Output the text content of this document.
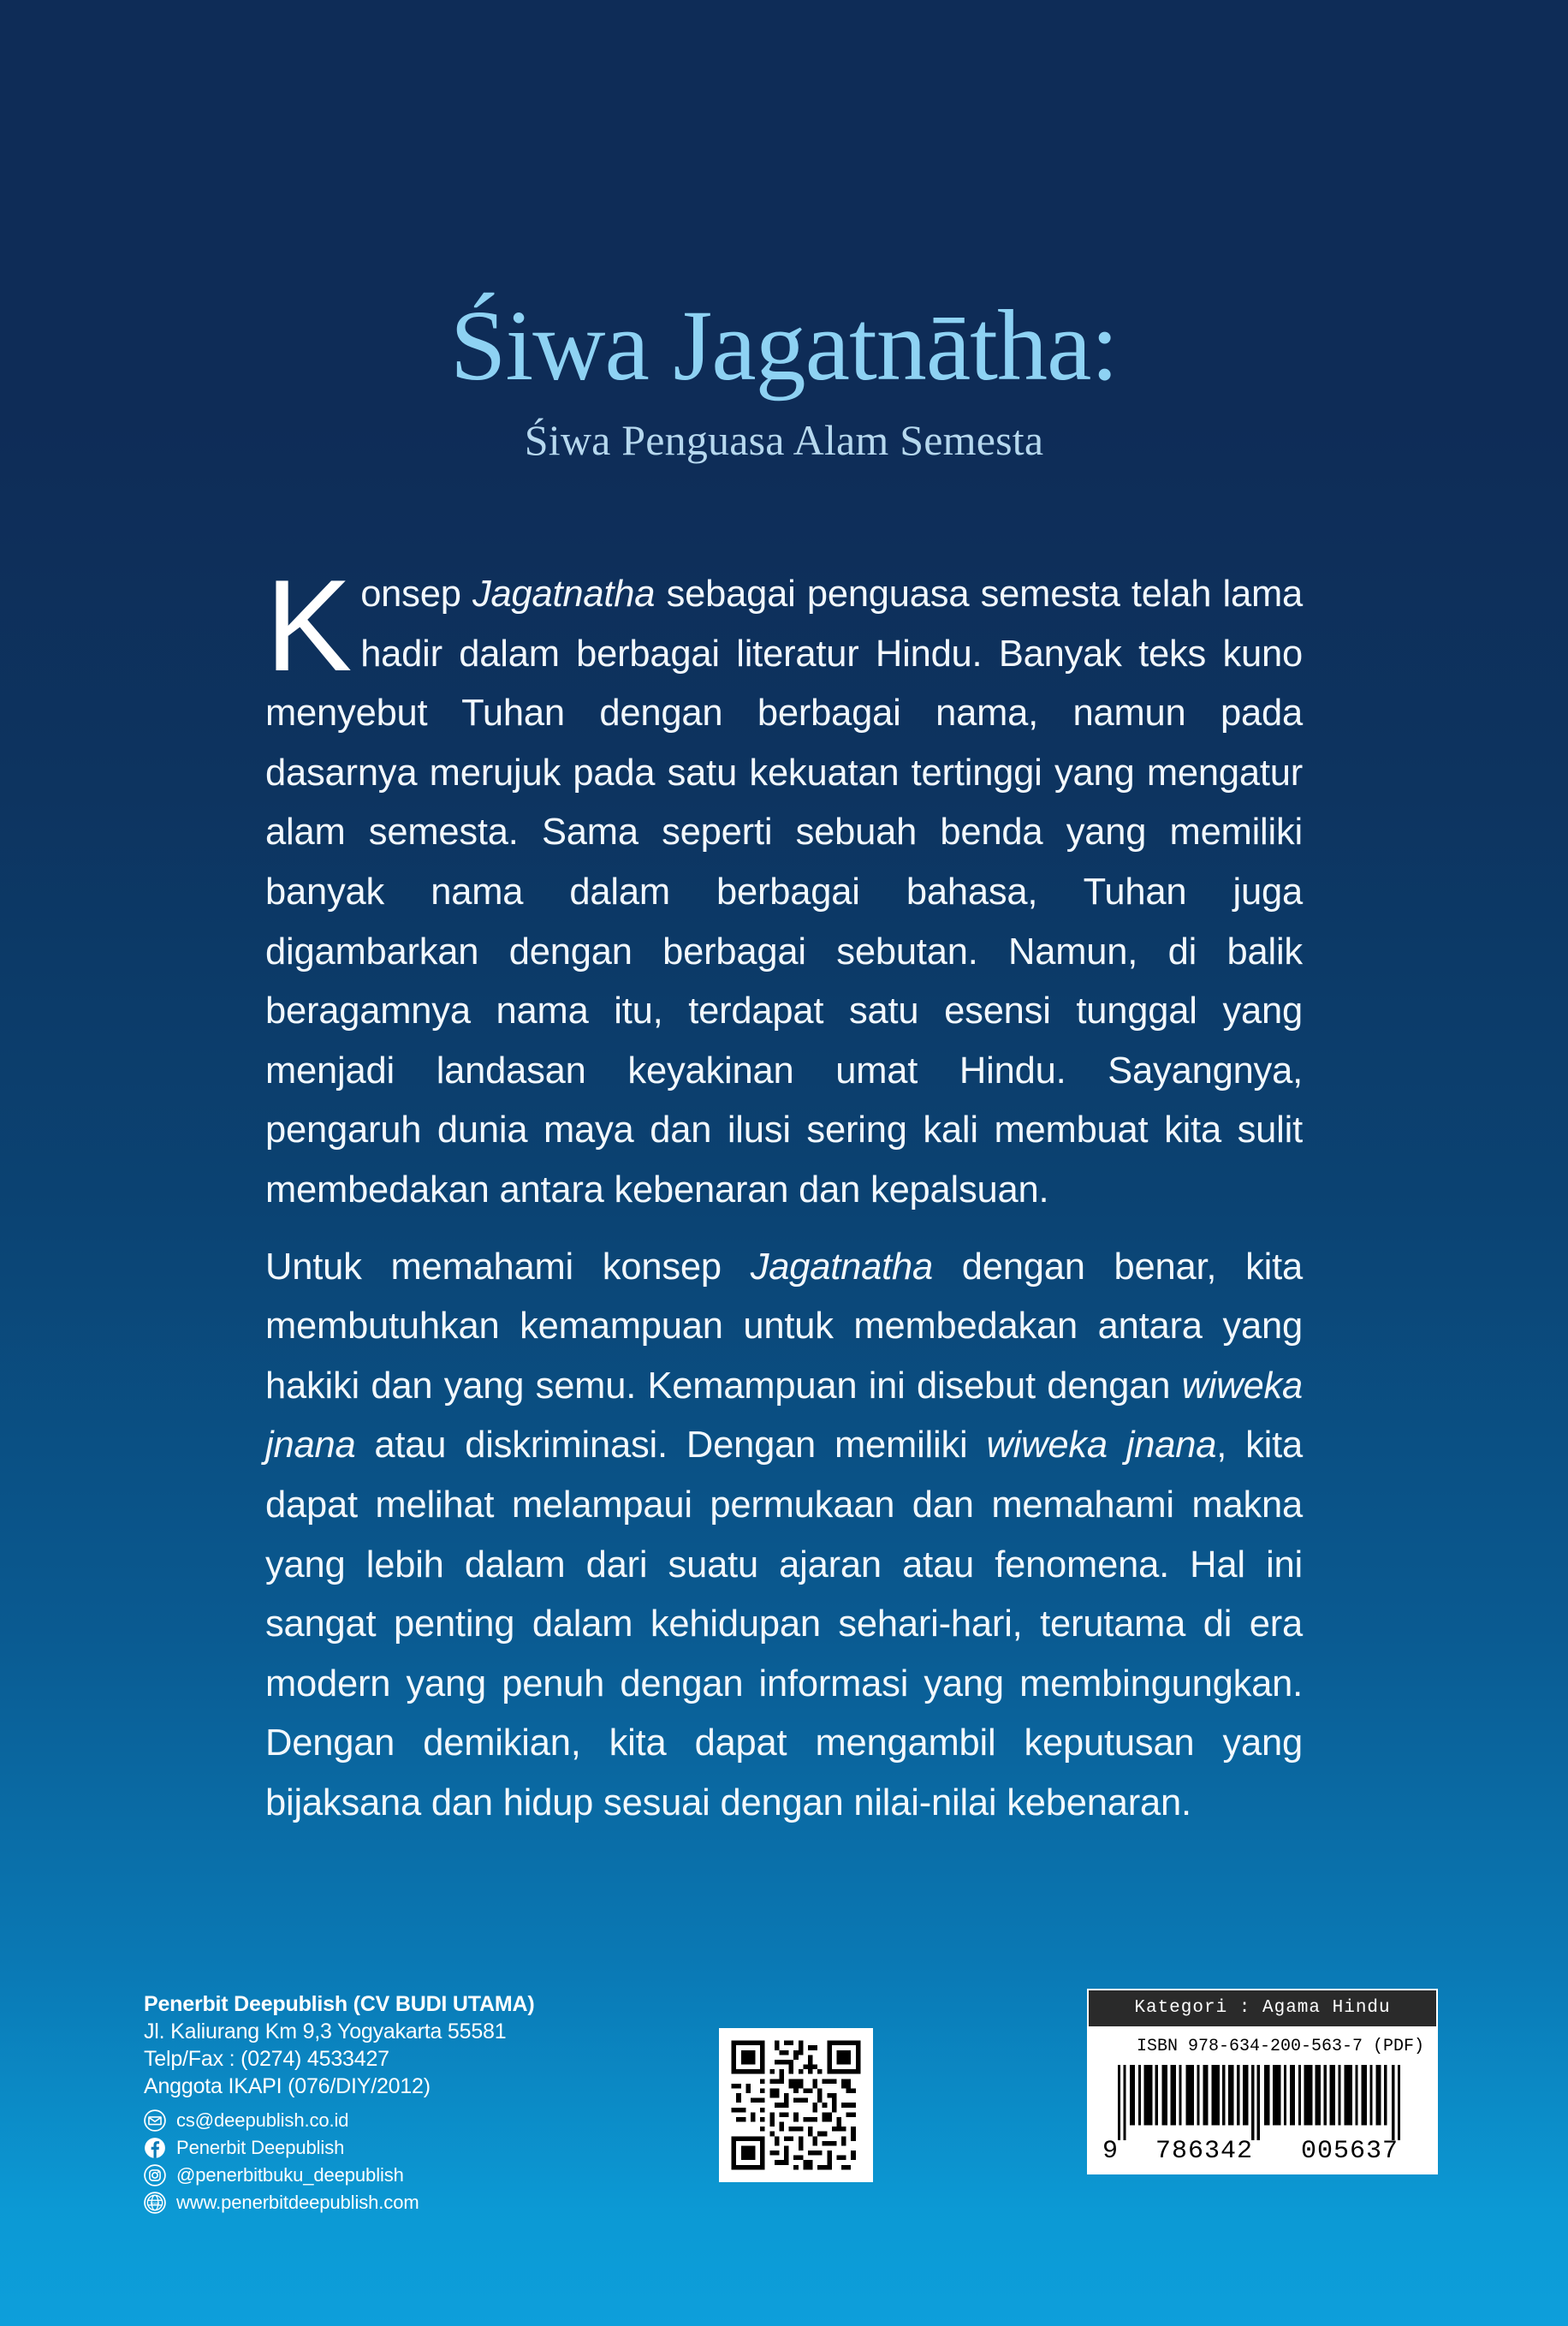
Śiwa Jagatnātha:

Śiwa Penguasa Alam Semesta

Konsep Jagatnatha sebagai penguasa semesta telah lama hadir dalam berbagai literatur Hindu. Banyak teks kuno menyebut Tuhan dengan berbagai nama, namun pada dasarnya merujuk pada satu kekuatan tertinggi yang mengatur alam semesta. Sama seperti sebuah benda yang memiliki banyak nama dalam berbagai bahasa, Tuhan juga digambarkan dengan berbagai sebutan. Namun, di balik beragamnya nama itu, terdapat satu esensi tunggal yang menjadi landasan keyakinan umat Hindu. Sayangnya, pengaruh dunia maya dan ilusi sering kali membuat kita sulit membedakan antara kebenaran dan kepalsuan.

Untuk memahami konsep Jagatnatha dengan benar, kita membutuhkan kemampuan untuk membedakan antara yang hakiki dan yang semu. Kemampuan ini disebut dengan wiweka jnana atau diskriminasi. Dengan memiliki wiweka jnana, kita dapat melihat melampaui permukaan dan memahami makna yang lebih dalam dari suatu ajaran atau fenomena. Hal ini sangat penting dalam kehidupan sehari-hari, terutama di era modern yang penuh dengan informasi yang membingungkan. Dengan demikian, kita dapat mengambil keputusan yang bijaksana dan hidup sesuai dengan nilai-nilai kebenaran.

Penerbit Deepublish (CV BUDI UTAMA)

Jl. Kaliurang Km 9,3 Yogyakarta 55581

Telp/Fax : (0274) 4533427

Anggota IKAPI (076/DIY/2012)

cs@deepublish.co.id
Penerbit Deepublish
@penerbitbuku_deepublish
www www.penerbitdeepublish.com
Kategori : Agama Hindu
ISBN 978-634-200-563-7 (PDF)
9	786342	005637
